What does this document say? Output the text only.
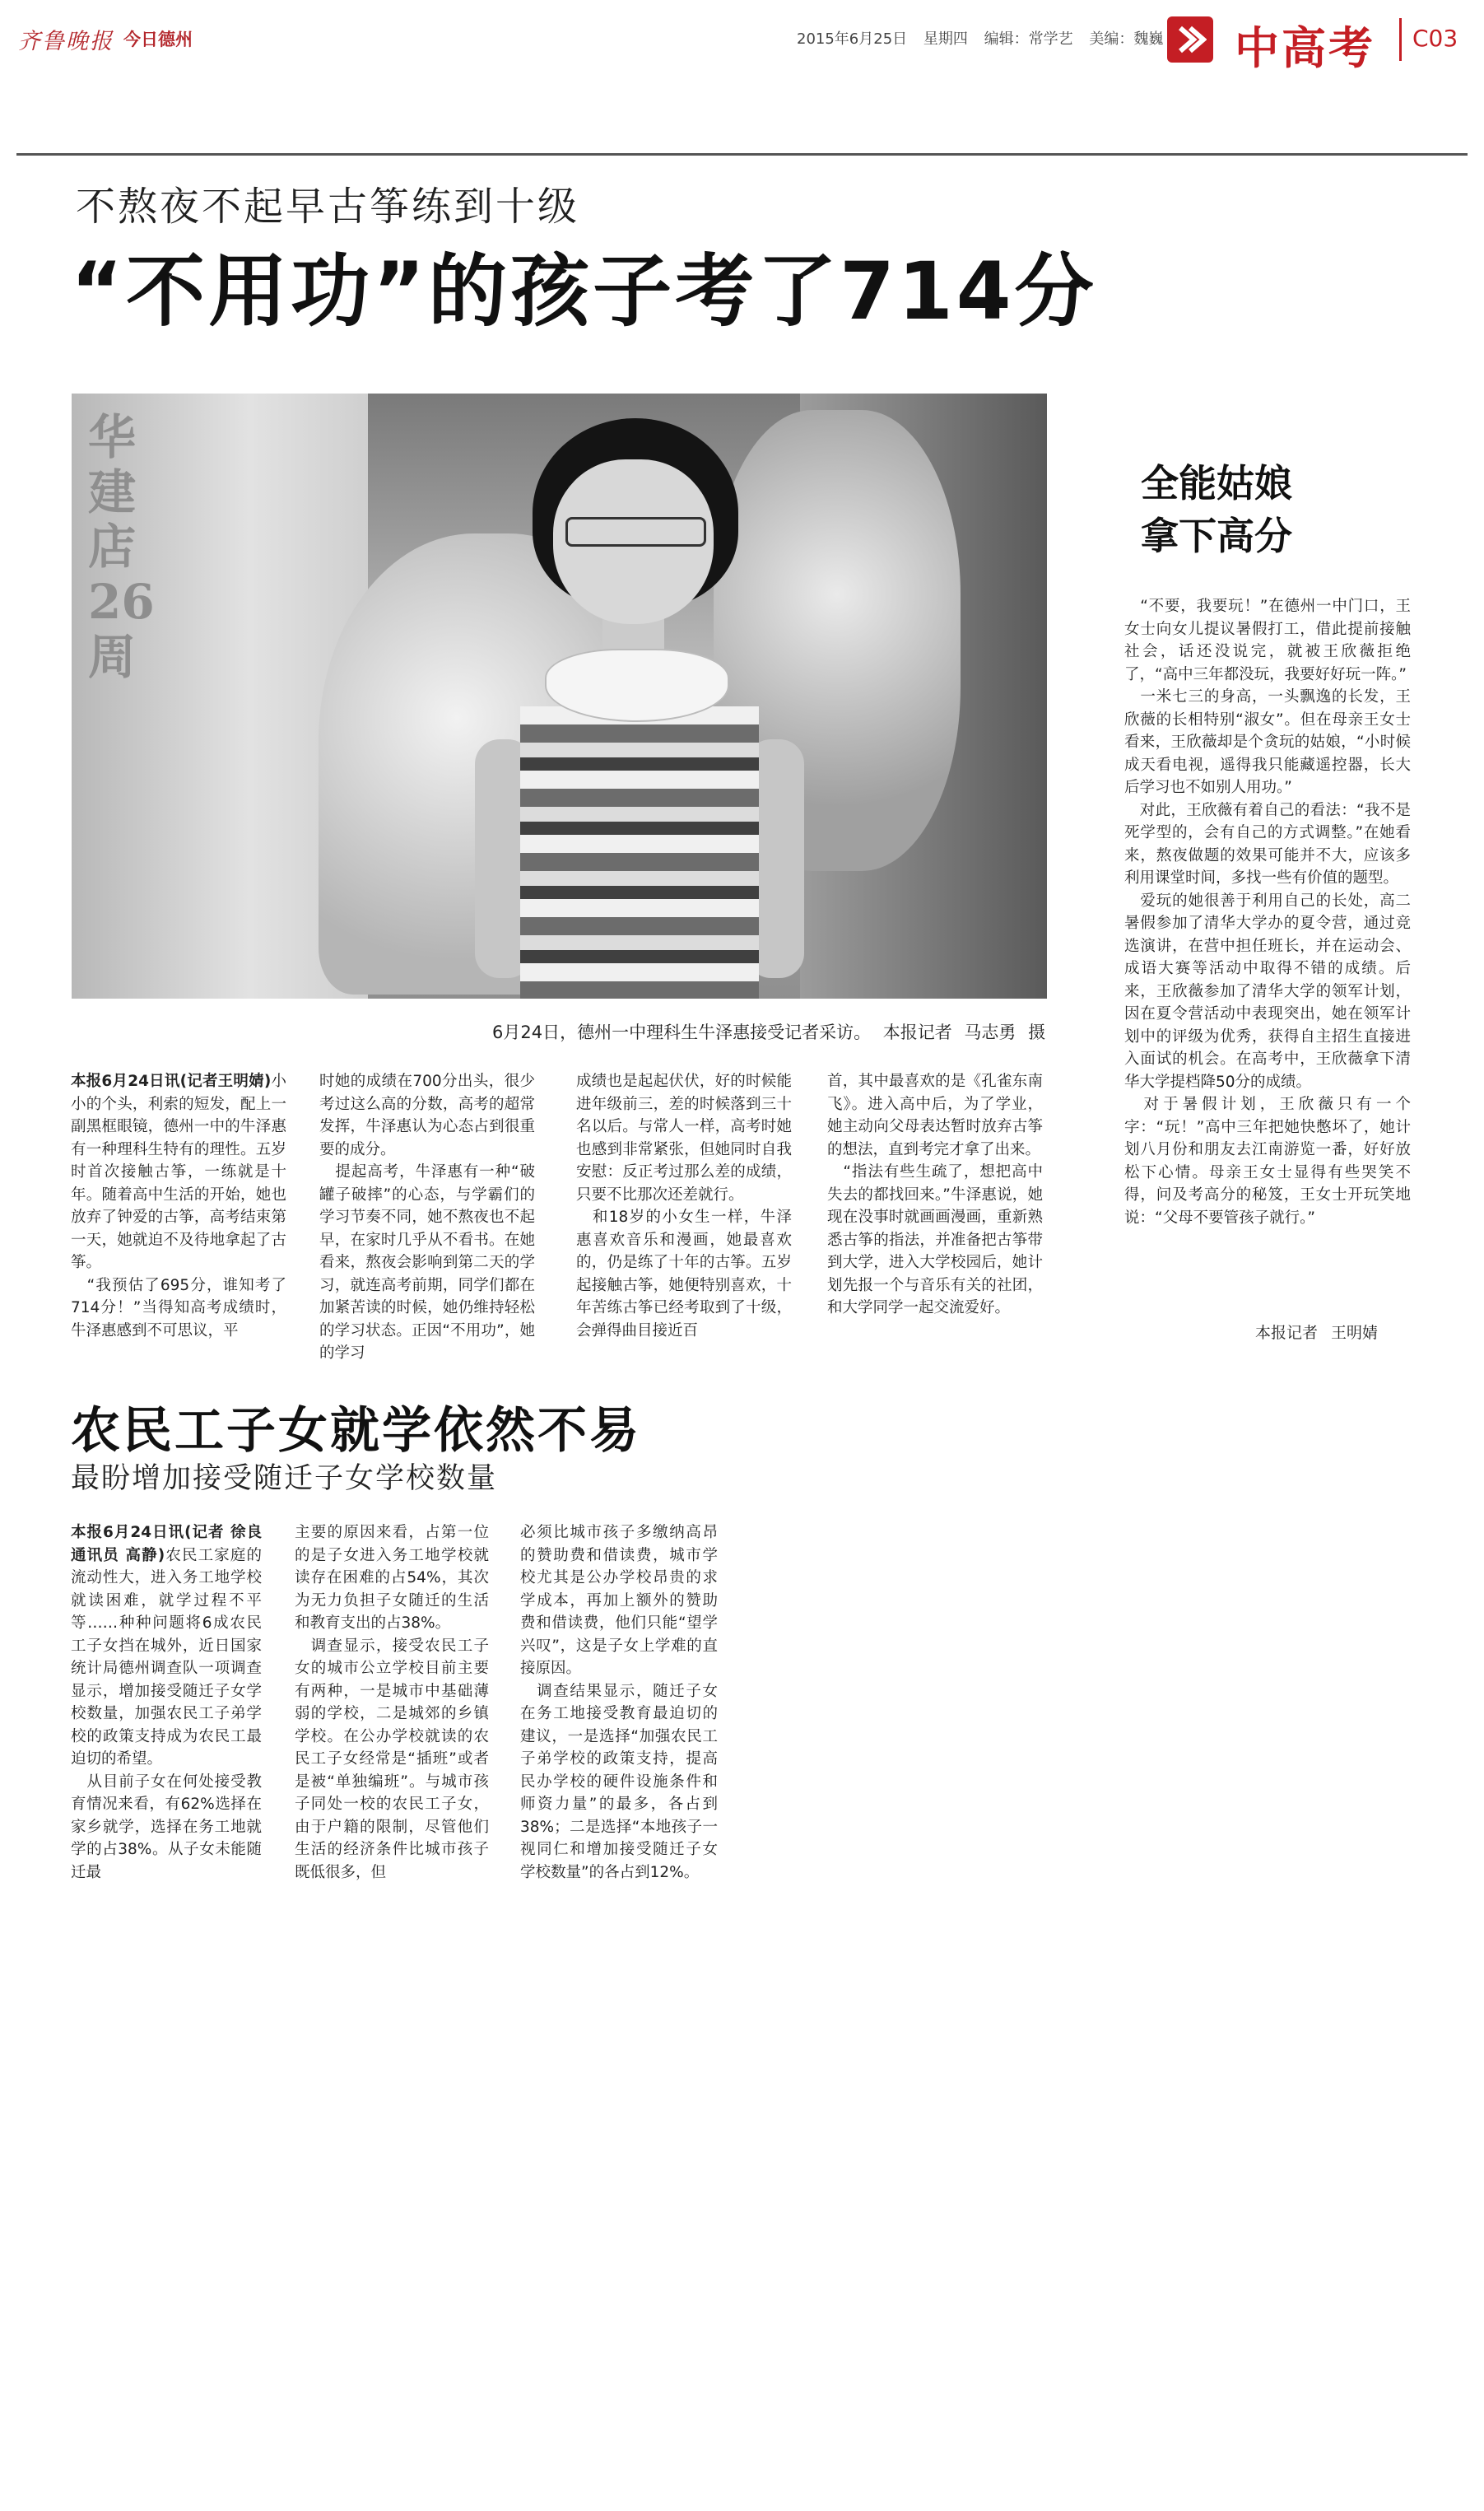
齐鲁晚报 今日德州	2015年6月25日 星期四 编辑：常学艺 美编：魏巍 中高考 C03
不熬夜不起早古筝练到十级
“不用功”的孩子考了714分
华建店26周
6月24日，德州一中理科生牛泽惠接受记者采访。 本报记者 马志勇 摄
本报6月24日讯(记者王明婧)小小的个头，利索的短发，配上一副黑框眼镜，德州一中的牛泽惠有一种理科生特有的理性。五岁时首次接触古筝，一练就是十年。随着高中生活的开始，她也放弃了钟爱的古筝，高考结束第一天，她就迫不及待地拿起了古筝。
　“我预估了695分，谁知考了714分！”当得知高考成绩时，牛泽惠感到不可思议，平
时她的成绩在700分出头，很少考过这么高的分数，高考的超常发挥，牛泽惠认为心态占到很重要的成分。
　提起高考，牛泽惠有一种“破罐子破摔”的心态，与学霸们的学习节奏不同，她不熬夜也不起早，在家时几乎从不看书。在她看来，熬夜会影响到第二天的学习，就连高考前期，同学们都在加紧苦读的时候，她仍维持轻松的学习状态。正因“不用功”，她的学习
成绩也是起起伏伏，好的时候能进年级前三，差的时候落到三十名以后。与常人一样，高考时她也感到非常紧张，但她同时自我安慰：反正考过那么差的成绩，只要不比那次还差就行。
　和18岁的小女生一样，牛泽惠喜欢音乐和漫画，她最喜欢的，仍是练了十年的古筝。五岁起接触古筝，她便特别喜欢，十年苦练古筝已经考取到了十级，会弹得曲目接近百
首，其中最喜欢的是《孔雀东南飞》。进入高中后，为了学业，她主动向父母表达暂时放弃古筝的想法，直到考完才拿了出来。
　“指法有些生疏了，想把高中失去的都找回来。”牛泽惠说，她现在没事时就画画漫画，重新熟悉古筝的指法，并准备把古筝带到大学，进入大学校园后，她计划先报一个与音乐有关的社团，和大学同学一起交流爱好。
全能姑娘
拿下高分
　“不要，我要玩！”在德州一中门口，王女士向女儿提议暑假打工，借此提前接触社会，话还没说完，就被王欣薇拒绝了，“高中三年都没玩，我要好好玩一阵。”
　一米七三的身高，一头飘逸的长发，王欣薇的长相特别“淑女”。但在母亲王女士看来，王欣薇却是个贪玩的姑娘，“小时候成天看电视，遥得我只能藏遥控器，长大后学习也不如别人用功。”
　对此，王欣薇有着自己的看法：“我不是死学型的，会有自己的方式调整。”在她看来，熬夜做题的效果可能并不大，应该多利用课堂时间，多找一些有价值的题型。
　爱玩的她很善于利用自己的长处，高二暑假参加了清华大学办的夏令营，通过竞选演讲，在营中担任班长，并在运动会、成语大赛等活动中取得不错的成绩。后来，王欣薇参加了清华大学的领军计划，因在夏令营活动中表现突出，她在领军计划中的评级为优秀，获得自主招生直接进入面试的机会。在高考中，王欣薇拿下清华大学提档降50分的成绩。
　对于暑假计划，王欣薇只有一个字：“玩！”高中三年把她快憋坏了，她计划八月份和朋友去江南游览一番，好好放松下心情。母亲王女士显得有些哭笑不得，问及考高分的秘笈，王女士开玩笑地说：“父母不要管孩子就行。”
本报记者 王明婧
农民工子女就学依然不易
最盼增加接受随迁子女学校数量
本报6月24日讯(记者 徐良 通讯员 高静)农民工家庭的流动性大，进入务工地学校就读困难，就学过程不平等……种种问题将6成农民工子女挡在城外，近日国家统计局德州调查队一项调查显示，增加接受随迁子女学校数量，加强农民工子弟学校的政策支持成为农民工最迫切的希望。
　从目前子女在何处接受教育情况来看，有62%选择在家乡就学，选择在务工地就学的占38%。从子女未能随迁最
主要的原因来看，占第一位的是子女进入务工地学校就读存在困难的占54%，其次为无力负担子女随迁的生活和教育支出的占38%。
　调查显示，接受农民工子女的城市公立学校目前主要有两种，一是城市中基础薄弱的学校，二是城郊的乡镇学校。在公办学校就读的农民工子女经常是“插班”或者是被“单独编班”。与城市孩子同处一校的农民工子女，由于户籍的限制，尽管他们生活的经济条件比城市孩子既低很多，但
必须比城市孩子多缴纳高昂的赞助费和借读费，城市学校尤其是公办学校昂贵的求学成本，再加上额外的赞助费和借读费，他们只能“望学兴叹”，这是子女上学难的直接原因。
　调查结果显示，随迁子女在务工地接受教育最迫切的建议，一是选择“加强农民工子弟学校的政策支持，提高民办学校的硬件设施条件和师资力量”的最多，各占到38%；二是选择“本地孩子一视同仁和增加接受随迁子女学校数量”的各占到12%。
